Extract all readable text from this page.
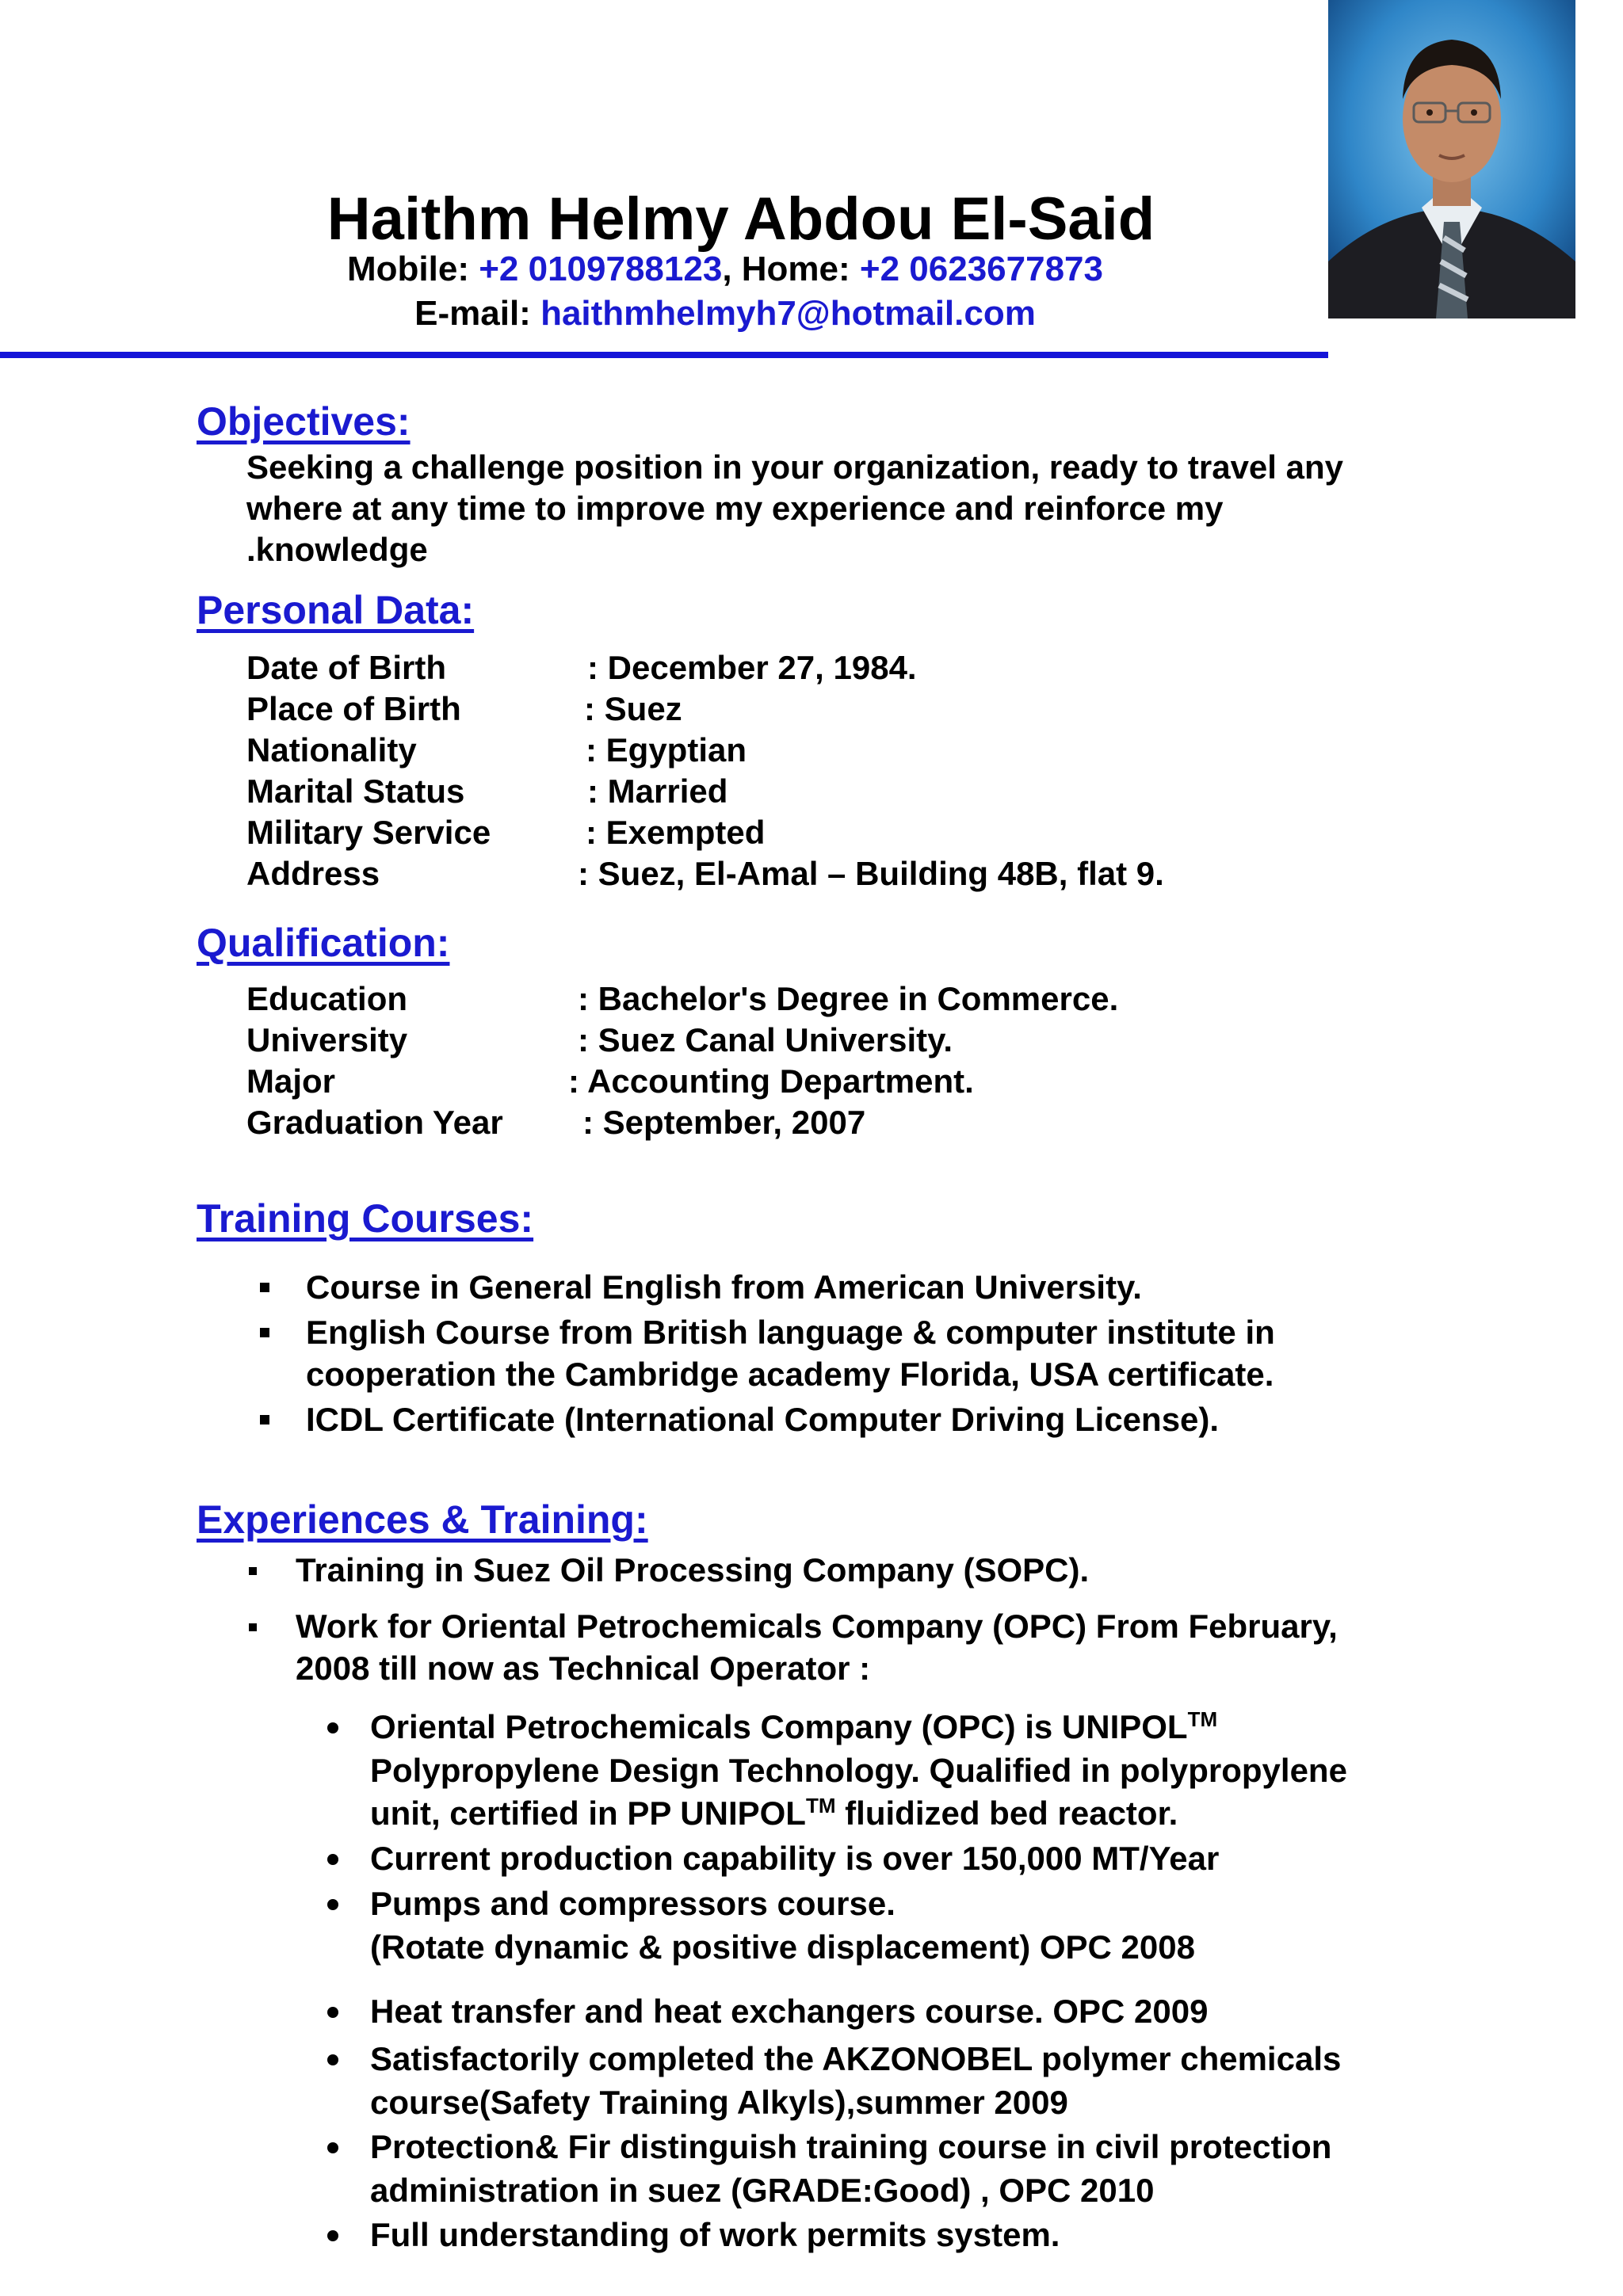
Haithm Helmy Abdou El-Said
Mobile: +2 0109788123, Home: +2 0623677873
E-mail: haithmhelmyh7@hotmail.com
Objectives:
Seeking a challenge position in your organization, ready to travel any
where at any time to improve my experience and reinforce my
.knowledge
Personal Data:
Date of Birth	: December 27, 1984.
Place of Birth	: Suez
Nationality	: Egyptian
Marital Status	: Married
Military Service	: Exempted
Address	: Suez, El-Amal – Building 48B, flat 9.
Qualification:
Education	: Bachelor's Degree in Commerce.
University	: Suez Canal University.
Major	: Accounting Department.
Graduation Year : September, 2007
Training Courses:
Course in General English from American University.
English Course from British language & computer institute in
cooperation the Cambridge academy Florida, USA certificate.
ICDL Certificate (International Computer Driving License).
Experiences & Training:
Training in Suez Oil Processing Company (SOPC).
Work for Oriental Petrochemicals Company (OPC) From February,
2008 till now as Technical Operator :
Oriental Petrochemicals Company (OPC) is UNIPOL™
Polypropylene Design Technology. Qualified in polypropylene
unit, certified in PP UNIPOL™ fluidized bed reactor.
Current production capability is over 150,000 MT/Year
Pumps and compressors course.
(Rotate dynamic & positive displacement) OPC 2008
Heat transfer and heat exchangers course. OPC 2009
Satisfactorily completed the AKZONOBEL polymer chemicals
course(Safety Training Alkyls),summer 2009
Protection& Fir distinguish training course in civil protection
administration in suez (GRADE:Good) , OPC 2010
Full understanding of work permits system.
